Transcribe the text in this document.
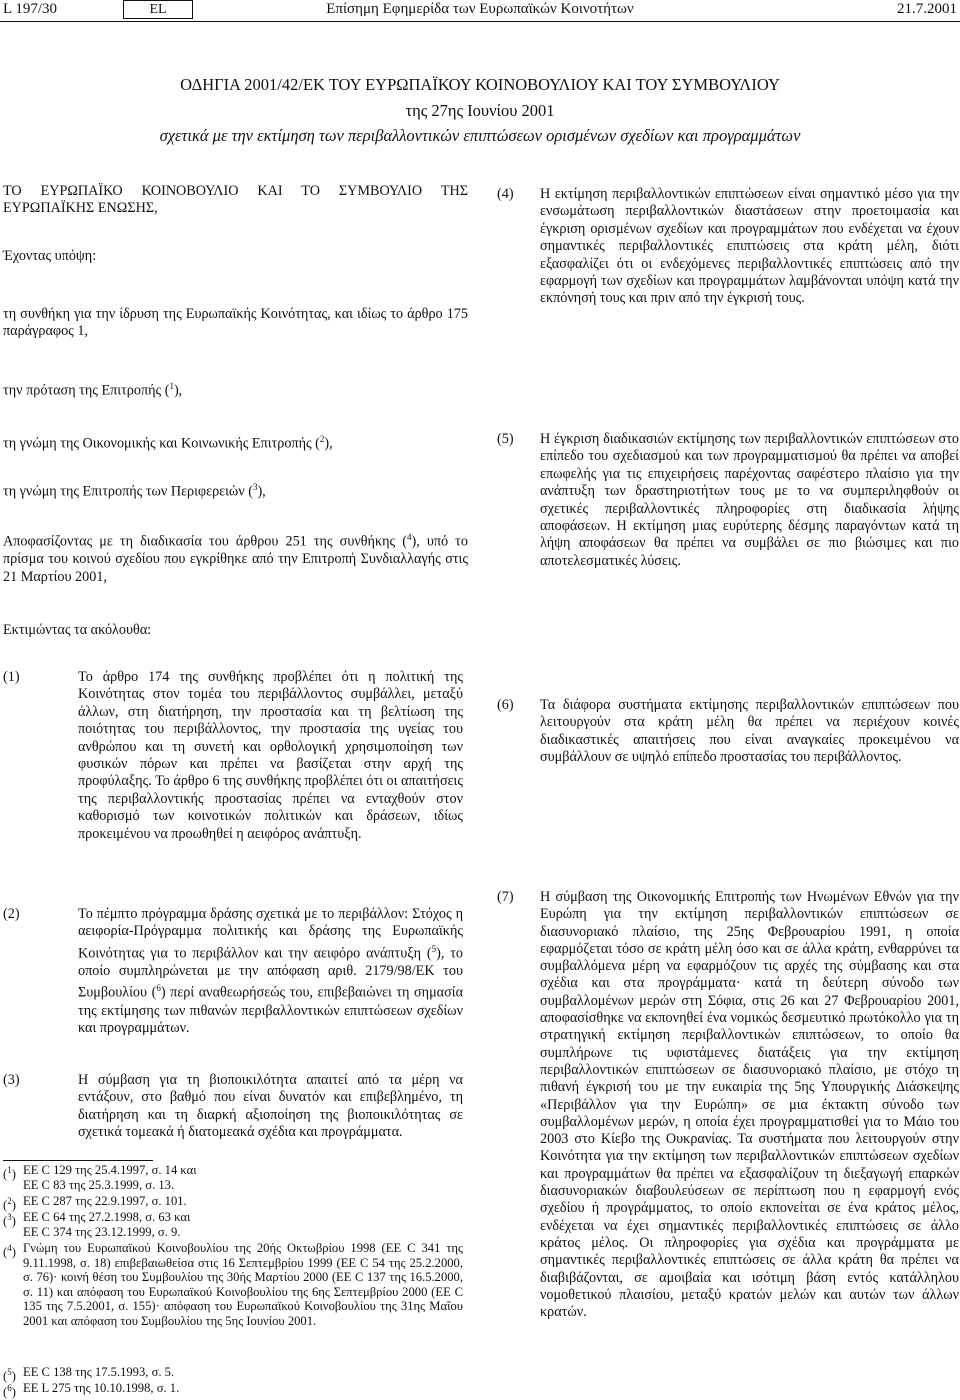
L 197/30	EL	Επίσημη Εφημερίδα των Ευρωπαϊκών Κοινοτήτων	21.7.2001
ΟΔΗΓΙΑ 2001/42/ΕΚ ΤΟΥ ΕΥΡΩΠΑΪΚΟΥ ΚΟΙΝΟΒΟΥΛΙΟΥ ΚΑΙ ΤΟΥ ΣΥΜΒΟΥΛΙΟΥ
της 27ης Ιουνίου 2001
σχετικά με την εκτίμηση των περιβαλλοντικών επιπτώσεων ορισμένων σχεδίων και προγραμμάτων

ΤΟ ΕΥΡΩΠΑΪΚΟ ΚΟΙΝΟΒΟΥΛΙΟ ΚΑΙ ΤΟ ΣΥΜΒΟΥΛΙΟ ΤΗΣ ΕΥΡΩΠΑΪΚΗΣ ΕΝΩΣΗΣ,

Έχοντας υπόψη:

τη συνθήκη για την ίδρυση της Ευρωπαϊκής Κοινότητας, και ιδίως το άρθρο 175 παράγραφος 1,

την πρόταση της Επιτροπής ($^1$),

τη γνώμη της Οικονομικής και Κοινωνικής Επιτροπής ($^2$),

τη γνώμη της Επιτροπής των Περιφερειών ($^3$),

Αποφασίζοντας με τη διαδικασία του άρθρου 251 της συνθήκης ($^4$), υπό το πρίσμα του κοινού σχεδίου που εγκρίθηκε από την Επιτροπή Συνδιαλλαγής στις 21 Μαρτίου 2001,

Εκτιμώντας τα ακόλουθα:

(1)	Το άρθρο 174 της συνθήκης προβλέπει ότι η πολιτική της Κοινότητας στον τομέα του περιβάλλοντος συμβάλλει, μεταξύ άλλων, στη διατήρηση, την προστασία και τη βελτίωση της ποιότητας του περιβάλλοντος, την προστασία της υγείας του ανθρώπου και τη συνετή και ορθολογική χρησιμοποίηση των φυσικών πόρων και πρέπει να βασίζεται στην αρχή της προφύλαξης. Το άρθρο 6 της συνθήκης προβλέπει ότι οι απαιτήσεις της περιβαλλοντικής προστασίας πρέπει να ενταχθούν στον καθορισμό των κοινοτικών πολιτικών και δράσεων, ιδίως προκειμένου να προωθηθεί η αειφόρος ανάπτυξη.
(2)	Το πέμπτο πρόγραμμα δράσης σχετικά με το περιβάλλον: Στόχος η αειφορία-Πρόγραμμα πολιτικής και δράσης της Ευρωπαϊκής Κοινότητας για το περιβάλλον και την αειφόρο ανάπτυξη ($^5$), το οποίο συμπληρώνεται με την απόφαση αριθ. 2179/98/ΕΚ του Συμβουλίου ($^6$) περί αναθεωρήσεώς του, επιβεβαιώνει τη σημασία της εκτίμησης των πιθανών περιβαλλοντικών επιπτώσεων σχεδίων και προγραμμάτων.
(3)	Η σύμβαση για τη βιοποικιλότητα απαιτεί από τα μέρη να εντάξουν, στο βαθμό που είναι δυνατόν και επιβεβλημένο, τη διατήρηση και τη διαρκή αξιοποίηση της βιοποικιλότητας σε σχετικά τομεακά ή διατομεακά σχέδια και προγράμματα.
($^1$) ΕΕ C 129 της 25.4.1997, σ. 14 και
ΕΕ C 83 της 25.3.1999, σ. 13.
($^2$) ΕΕ C 287 της 22.9.1997, σ. 101.
($^3$) ΕΕ C 64 της 27.2.1998, σ. 63 και
ΕΕ C 374 της 23.12.1999, σ. 9.
($^4$) Γνώμη του Ευρωπαϊκού Κοινοβουλίου της 20ής Οκτωβρίου 1998 (ΕΕ C 341 της 9.11.1998, σ. 18) επιβεβαιωθείσα στις 16 Σεπτεμβρίου 1999 (ΕΕ C 54 της 25.2.2000, σ. 76)· κοινή θέση του Συμβουλίου της 30ής Μαρτίου 2000 (ΕΕ C 137 της 16.5.2000, σ. 11) και απόφαση του Ευρωπαϊκού Κοινοβουλίου της 6ης Σεπτεμβρίου 2000 (ΕΕ C 135 της 7.5.2001, σ. 155)· απόφαση του Ευρωπαϊκού Κοινοβουλίου της 31ης Μαΐου 2001 και απόφαση του Συμβουλίου της 5ης Ιουνίου 2001.
($^5$) ΕΕ C 138 της 17.5.1993, σ. 5.
($^6$) ΕΕ L 275 της 10.10.1998, σ. 1.
(4) Η εκτίμηση περιβαλλοντικών επιπτώσεων είναι σημαντικό μέσο για την ενσωμάτωση περιβαλλοντικών διαστάσεων στην προετοιμασία και έγκριση ορισμένων σχεδίων και προγραμμάτων που ενδέχεται να έχουν σημαντικές περιβαλλοντικές επιπτώσεις στα κράτη μέλη, διότι εξασφαλίζει ότι οι ενδεχόμενες περιβαλλοντικές επιπτώσεις από την εφαρμογή των σχεδίων και προγραμμάτων λαμβάνονται υπόψη κατά την εκπόνησή τους και πριν από την έγκρισή τους.
(5) Η έγκριση διαδικασιών εκτίμησης των περιβαλλοντικών επιπτώσεων στο επίπεδο του σχεδιασμού και των προγραμματισμού θα πρέπει να αποβεί επωφελής για τις επιχειρήσεις παρέχοντας σαφέστερο πλαίσιο για την ανάπτυξη των δραστηριοτήτων τους με το να συμπεριληφθούν οι σχετικές περιβαλλοντικές πληροφορίες στη διαδικασία λήψης αποφάσεων. Η εκτίμηση μιας ευρύτερης δέσμης παραγόντων κατά τη λήψη αποφάσεων θα πρέπει να συμβάλει σε πιο βιώσιμες και πιο αποτελεσματικές λύσεις.
(6) Τα διάφορα συστήματα εκτίμησης περιβαλλοντικών επιπτώσεων που λειτουργούν στα κράτη μέλη θα πρέπει να περιέχουν κοινές διαδικαστικές απαιτήσεις που είναι αναγκαίες προκειμένου να συμβάλλουν σε υψηλό επίπεδο προστασίας του περιβάλλοντος.
(7) Η σύμβαση της Οικονομικής Επιτροπής των Ηνωμένων Εθνών για την Ευρώπη για την εκτίμηση περιβαλλοντικών επιπτώσεων σε διασυνοριακό πλαίσιο, της 25ης Φεβρουαρίου 1991, η οποία εφαρμόζεται τόσο σε κράτη μέλη όσο και σε άλλα κράτη, ενθαρρύνει τα συμβαλλόμενα μέρη να εφαρμόζουν τις αρχές της σύμβασης και στα σχέδια και στα προγράμματα· κατά τη δεύτερη σύνοδο των συμβαλλομένων μερών στη Σόφια, στις 26 και 27 Φεβρουαρίου 2001, αποφασίσθηκε να εκπονηθεί ένα νομικώς δεσμευτικό πρωτόκολλο για τη στρατηγική εκτίμηση περιβαλλοντικών επιπτώσεων, το οποίο θα συμπλήρωνε τις υφιστάμενες διατάξεις για την εκτίμηση περιβαλλοντικών επιπτώσεων σε διασυνοριακό πλαίσιο, με στόχο τη πιθανή έγκρισή του με την ευκαιρία της 5ης Υπουργικής Διάσκεψης «Περιβάλλον για την Ευρώπη» σε μια έκτακτη σύνοδο των συμβαλλομένων μερών, η οποία έχει προγραμματισθεί για το Μάιο του 2003 στο Κίεβο της Ουκρανίας. Τα συστήματα που λειτουργούν στην Κοινότητα για την εκτίμηση των περιβαλλοντικών επιπτώσεων σχεδίων και προγραμμάτων θα πρέπει να εξασφαλίζουν τη διεξαγωγή επαρκών διασυνοριακών διαβουλεύσεων σε περίπτωση που η εφαρμογή ενός σχεδίου ή προγράμματος, το οποίο εκπονείται σε ένα κράτος μέλος, ενδέχεται να έχει σημαντικές περιβαλλοντικές επιπτώσεις σε άλλο κράτος μέλος. Οι πληροφορίες για σχέδια και προγράμματα με σημαντικές περιβαλλοντικές επιπτώσεις σε άλλα κράτη θα πρέπει να διαβιβάζονται, σε αμοιβαία και ισότιμη βάση εντός κατάλληλου νομοθετικού πλαισίου, μεταξύ κρατών μελών και αυτών των άλλων κρατών.
